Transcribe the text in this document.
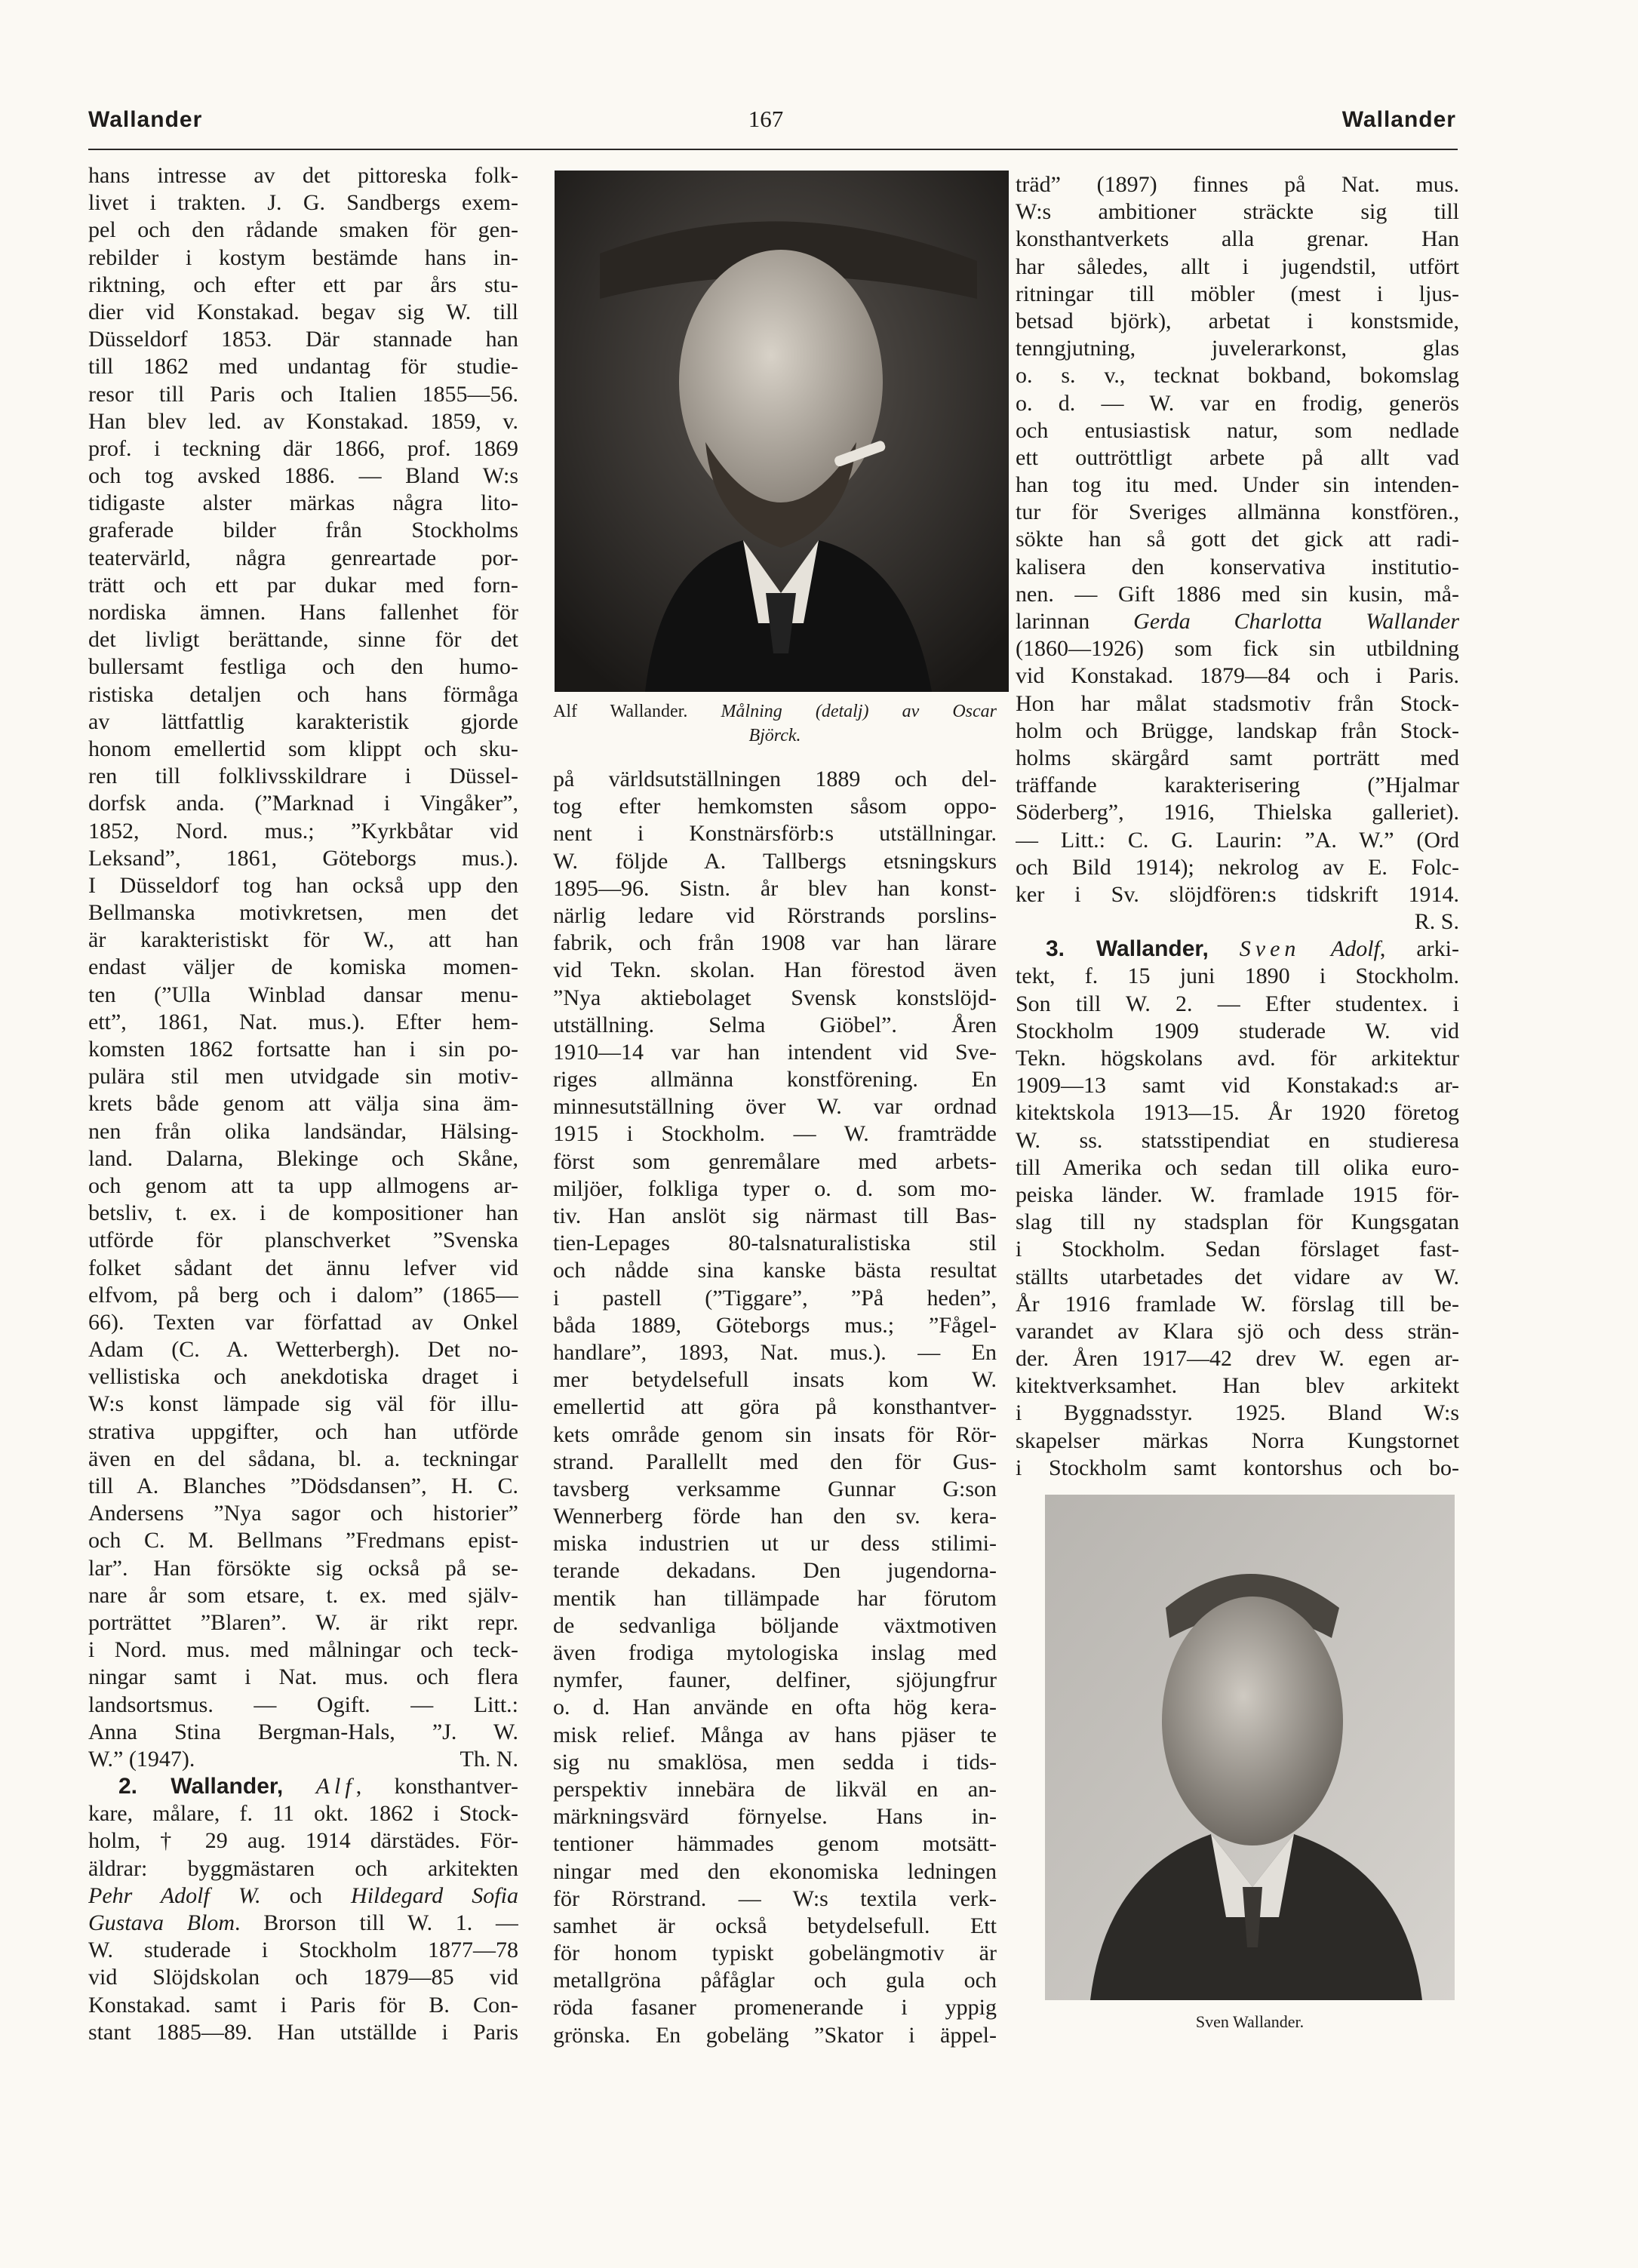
Wallander	167	Wallander
hans intresse av det pittoreska folk-
livet i trakten. J. G. Sandbergs exem-
pel och den rådande smaken för gen-
rebilder i kostym bestämde hans in-
riktning, och efter ett par års stu-
dier vid Konstakad. begav sig W. till
Düsseldorf 1853. Där stannade han
till 1862 med undantag för studie-
resor till Paris och Italien 1855—56.
Han blev led. av Konstakad. 1859, v.
prof. i teckning där 1866, prof. 1869
och tog avsked 1886. — Bland W:s
tidigaste alster märkas några lito-
graferade bilder från Stockholms
teatervärld, några genreartade por-
trätt och ett par dukar med forn-
nordiska ämnen. Hans fallenhet för
det livligt berättande, sinne för det
bullersamt festliga och den humo-
ristiska detaljen och hans förmåga
av lättfattlig karakteristik gjorde
honom emellertid som klippt och sku-
ren till folklivsskildrare i Düssel-
dorfsk anda. (”Marknad i Vingåker”,
1852, Nord. mus.; ”Kyrkbåtar vid
Leksand”, 1861, Göteborgs mus.).
I Düsseldorf tog han också upp den
Bellmanska motivkretsen, men det
är karakteristiskt för W., att han
endast väljer de komiska momen-
ten (”Ulla Winblad dansar menu-
ett”, 1861, Nat. mus.). Efter hem-
komsten 1862 fortsatte han i sin po-
pulära stil men utvidgade sin motiv-
krets både genom att välja sina äm-
nen från olika landsändar, Hälsing-
land. Dalarna, Blekinge och Skåne,
och genom att ta upp allmogens ar-
betsliv, t. ex. i de kompositioner han
utförde för planschverket ”Svenska
folket sådant det ännu lefver vid
elfvom, på berg och i dalom” (1865—
66). Texten var författad av Onkel
Adam (C. A. Wetterbergh). Det no-
vellistiska och anekdotiska draget i
W:s konst lämpade sig väl för illu-
strativa uppgifter, och han utförde
även en del sådana, bl. a. teckningar
till A. Blanches ”Dödsdansen”, H. C.
Andersens ”Nya sagor och historier”
och C. M. Bellmans ”Fredmans epist-
lar”. Han försökte sig också på se-
nare år som etsare, t. ex. med själv-
porträttet ”Blaren”. W. är rikt repr.
i Nord. mus. med målningar och teck-
ningar samt i Nat. mus. och flera
landsortsmus. — Ogift. — Litt.:
Anna Stina Bergman-Hals, ”J. W.
W.” (1947).	Th. N.
2. Wallander, Alf, konsthantver-
kare, målare, f. 11 okt. 1862 i Stock-
holm, † 29 aug. 1914 därstädes. För-
äldrar: byggmästaren och arkitekten
Pehr Adolf W. och Hildegard Sofia
Gustava Blom. Brorson till W. 1. —
W. studerade i Stockholm 1877—78
vid Slöjdskolan och 1879—85 vid
Konstakad. samt i Paris för B. Con-
stant 1885—89. Han utställde i Paris
Alf Wallander. Målning (detalj) av Oscar
Björck.
på världsutställningen 1889 och del-
tog efter hemkomsten såsom oppo-
nent i Konstnärsförb:s utställningar.
W. följde A. Tallbergs etsningskurs
1895—96. Sistn. år blev han konst-
närlig ledare vid Rörstrands porslins-
fabrik, och från 1908 var han lärare
vid Tekn. skolan. Han förestod även
”Nya aktiebolaget Svensk konstslöjd-
utställning. Selma Giöbel”. Åren
1910—14 var han intendent vid Sve-
riges allmänna konstförening. En
minnesutställning över W. var ordnad
1915 i Stockholm. — W. framträdde
först som genremålare med arbets-
miljöer, folkliga typer o. d. som mo-
tiv. Han anslöt sig närmast till Bas-
tien-Lepages 80-talsnaturalistiska stil
och nådde sina kanske bästa resultat
i pastell (”Tiggare”, ”På heden”,
båda 1889, Göteborgs mus.; ”Fågel-
handlare”, 1893, Nat. mus.). — En
mer betydelsefull insats kom W.
emellertid att göra på konsthantver-
kets område genom sin insats för Rör-
strand. Parallellt med den för Gus-
tavsberg verksamme Gunnar G:son
Wennerberg förde han den sv. kera-
miska industrien ut ur dess stilimi-
terande dekadans. Den jugendorna-
mentik han tillämpade har förutom
de sedvanliga böljande växtmotiven
även frodiga mytologiska inslag med
nymfer, fauner, delfiner, sjöjungfrur
o. d. Han använde en ofta hög kera-
misk relief. Många av hans pjäser te
sig nu smaklösa, men sedda i tids-
perspektiv innebära de likväl en an-
märkningsvärd förnyelse. Hans in-
tentioner hämmades genom motsätt-
ningar med den ekonomiska ledningen
för Rörstrand. — W:s textila verk-
samhet är också betydelsefull. Ett
för honom typiskt gobelängmotiv är
metallgröna påfåglar och gula och
röda fasaner promenerande i yppig
grönska. En gobeläng ”Skator i äppel-
träd” (1897) finnes på Nat. mus.
W:s ambitioner sträckte sig till
konsthantverkets alla grenar. Han
har således, allt i jugendstil, utfört
ritningar till möbler (mest i ljus-
betsad björk), arbetat i konstsmide,
tenngjutning, juvelerarkonst, glas
o. s. v., tecknat bokband, bokomslag
o. d. — W. var en frodig, generös
och entusiastisk natur, som nedlade
ett outtröttligt arbete på allt vad
han tog itu med. Under sin intenden-
tur för Sveriges allmänna konstfören.,
sökte han så gott det gick att radi-
kalisera den konservativa institutio-
nen. — Gift 1886 med sin kusin, må-
larinnan Gerda Charlotta Wallander
(1860—1926) som fick sin utbildning
vid Konstakad. 1879—84 och i Paris.
Hon har målat stadsmotiv från Stock-
holm och Brügge, landskap från Stock-
holms skärgård samt porträtt med
träffande karakterisering (”Hjalmar
Söderberg”, 1916, Thielska galleriet).
— Litt.: C. G. Laurin: ”A. W.” (Ord
och Bild 1914); nekrolog av E. Folc-
ker i Sv. slöjdfören:s tidskrift 1914.
R. S.
3. Wallander, Sven Adolf, arki-
tekt, f. 15 juni 1890 i Stockholm.
Son till W. 2. — Efter studentex. i
Stockholm 1909 studerade W. vid
Tekn. högskolans avd. för arkitektur
1909—13 samt vid Konstakad:s ar-
kitektskola 1913—15. År 1920 företog
W. ss. statsstipendiat en studieresa
till Amerika och sedan till olika euro-
peiska länder. W. framlade 1915 för-
slag till ny stadsplan för Kungsgatan
i Stockholm. Sedan förslaget fast-
ställts utarbetades det vidare av W.
År 1916 framlade W. förslag till be-
varandet av Klara sjö och dess strän-
der. Åren 1917—42 drev W. egen ar-
kitektverksamhet. Han blev arkitekt
i Byggnadsstyr. 1925. Bland W:s
skapelser märkas Norra Kungstornet
i Stockholm samt kontorshus och bo-
Sven Wallander.
